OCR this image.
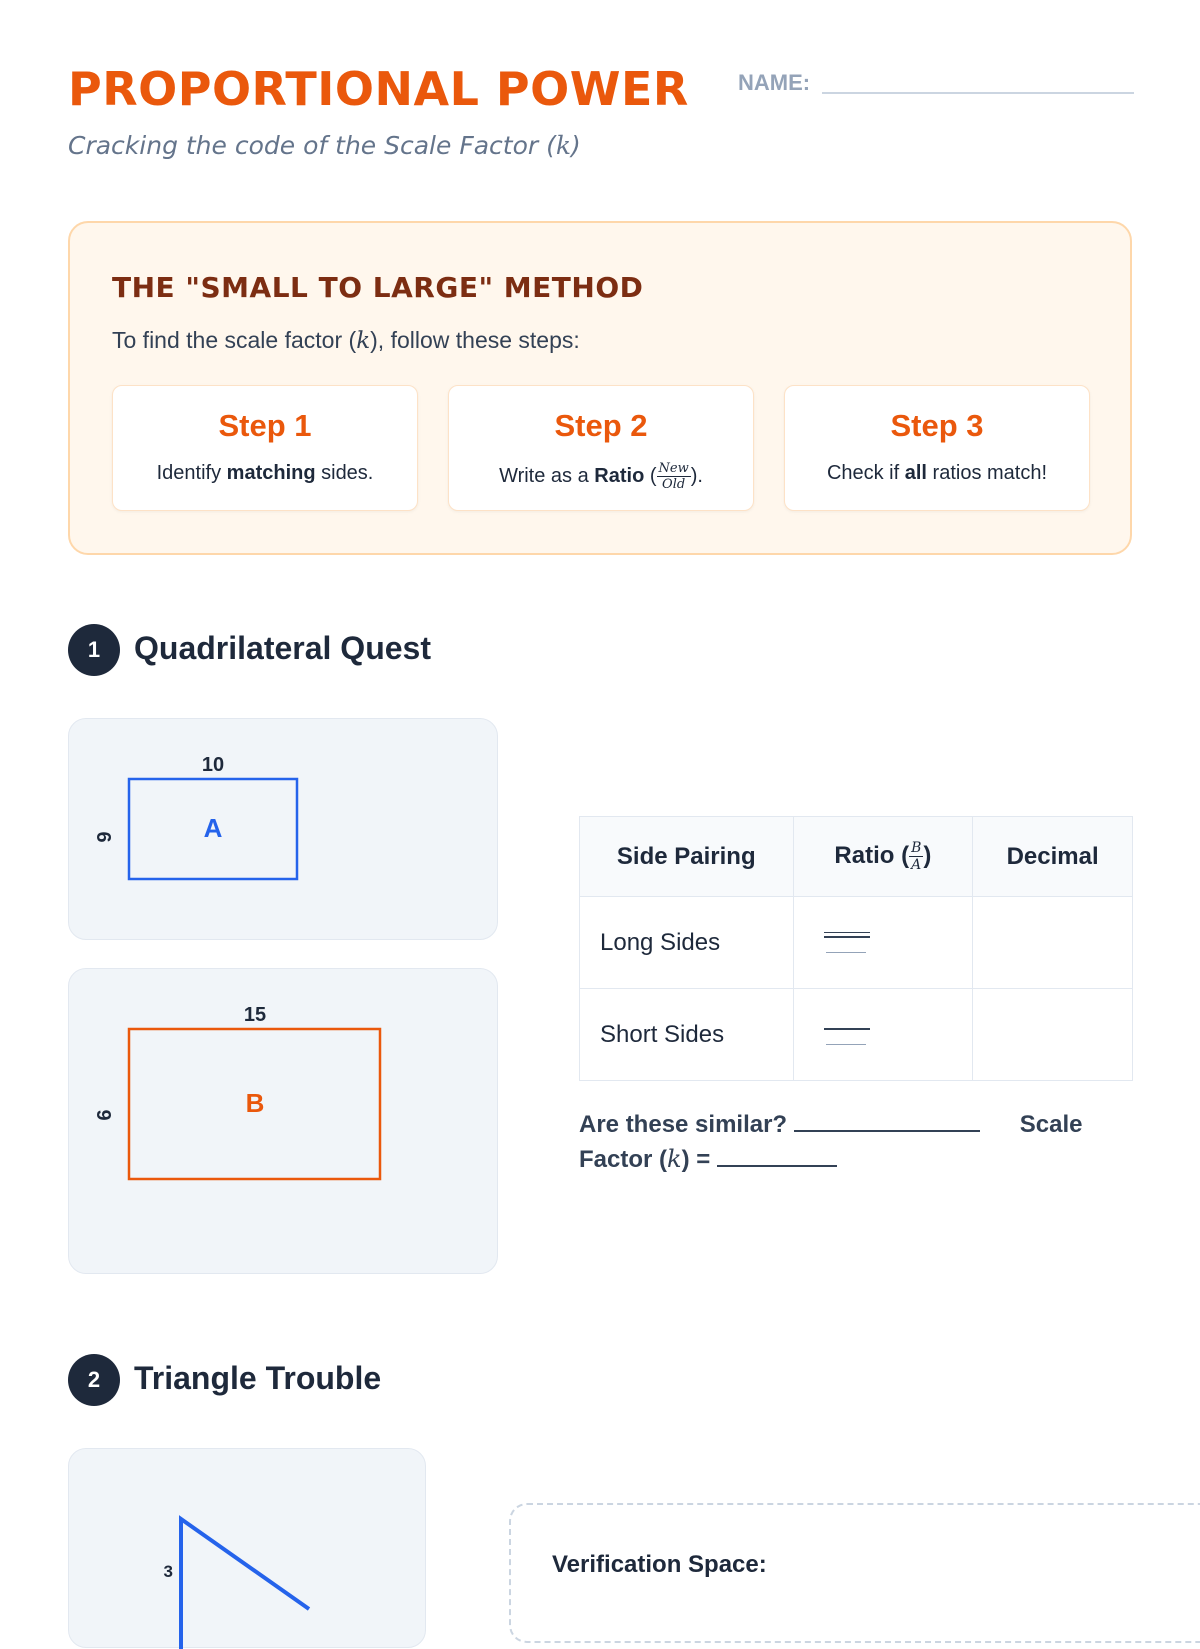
PROPORTIONAL POWER NAME:

Cracking the code of the Scale Factor (k)

THE "SMALL TO LARGE" METHOD

To find the scale factor (k), follow these steps:

Step 1
Identify matching sides.
Step 2
Write as a Ratio ( $\frac{\text{New}}{\text{Old}}$ ).
Step 3
Check if all ratios match!
1	Quadrilateral Quest
10
6	A
15
9	B
Side Pairing	Ratio ( $\frac{B}{A}$ )	Decimal
Long Sides	

Short Sides	

Are these similar?	Scale Factor (k) =

2	Triangle Trouble
3	Verification Space:
